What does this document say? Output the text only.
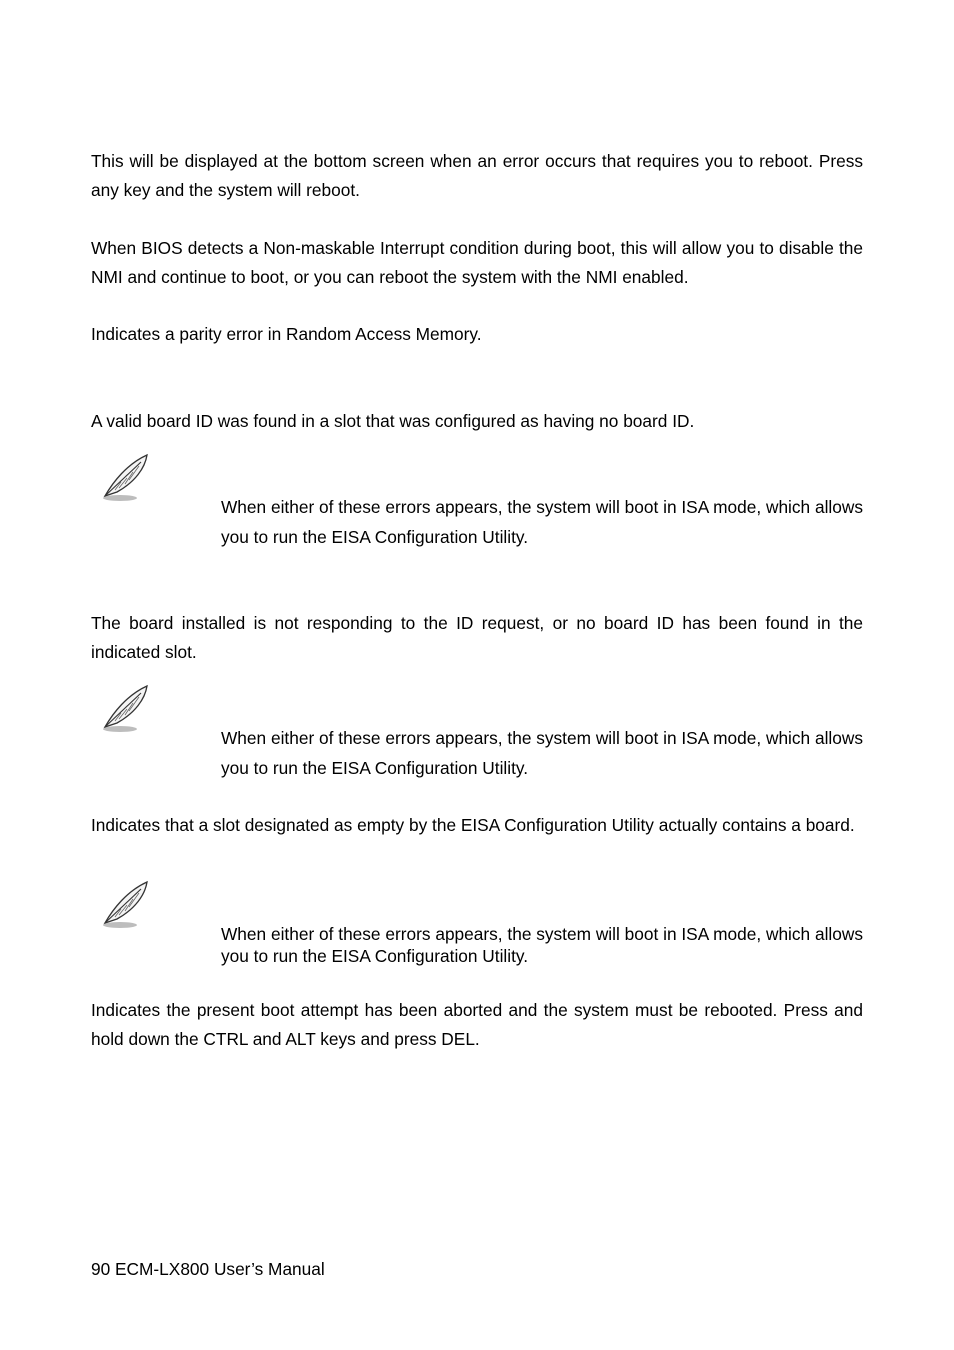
This will be displayed at the bottom screen when an error occurs that requires you to reboot. Press any key and the system will reboot.

When BIOS detects a Non-maskable Interrupt condition during boot, this will allow you to disable the NMI and continue to boot, or you can reboot the system with the NMI enabled.

Indicates a parity error in Random Access Memory.

A valid board ID was found in a slot that was configured as having no board ID.

When either of these errors appears, the system will boot in ISA mode, which allows you to run the EISA Configuration Utility.

The board installed is not responding to the ID request, or no board ID has been found in the indicated slot.

When either of these errors appears, the system will boot in ISA mode, which allows you to run the EISA Configuration Utility.

Indicates that a slot designated as empty by the EISA Configuration Utility actually contains a board.

When either of these errors appears, the system will boot in ISA mode, which allows you to run the EISA Configuration Utility.

Indicates the present boot attempt has been aborted and the system must be rebooted. Press and hold down the CTRL and ALT keys and press DEL.

90 ECM-LX800 User’s Manual
